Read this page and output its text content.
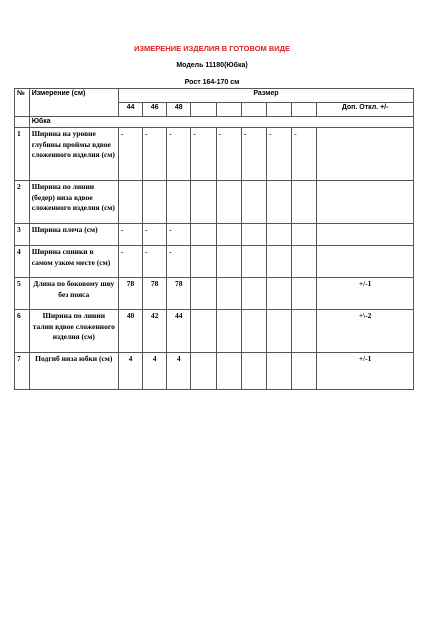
ИЗМЕРЕНИЕ ИЗДЕЛИЯ В ГОТОВОМ ВИДЕ
Модель 11180(Юбка)
Рост 164-170 см
№	Измерение (см)	Размер								
		44	46	48						Доп. Откл. +/-
	Юбка									
1	Ширина на уровне глубины проймы вдвое сложенного изделия (см)	-	-	-	-	-	-	-	-	
2	Ширина по линии (бедер) низа вдвое сложенного изделия (см)									
3	Ширина плеча (см)	-	-	-						
4	Ширина спинки в самом узком месте (см)	-	-	-						
5	Длина по боковому шву без пояса	78	78	78						+/-1
6	Ширина по линии талии вдвое сложенного изделия (см)	40	42	44						+\-2
7	Подгиб низа юбки (см)	4	4	4						+/-1
